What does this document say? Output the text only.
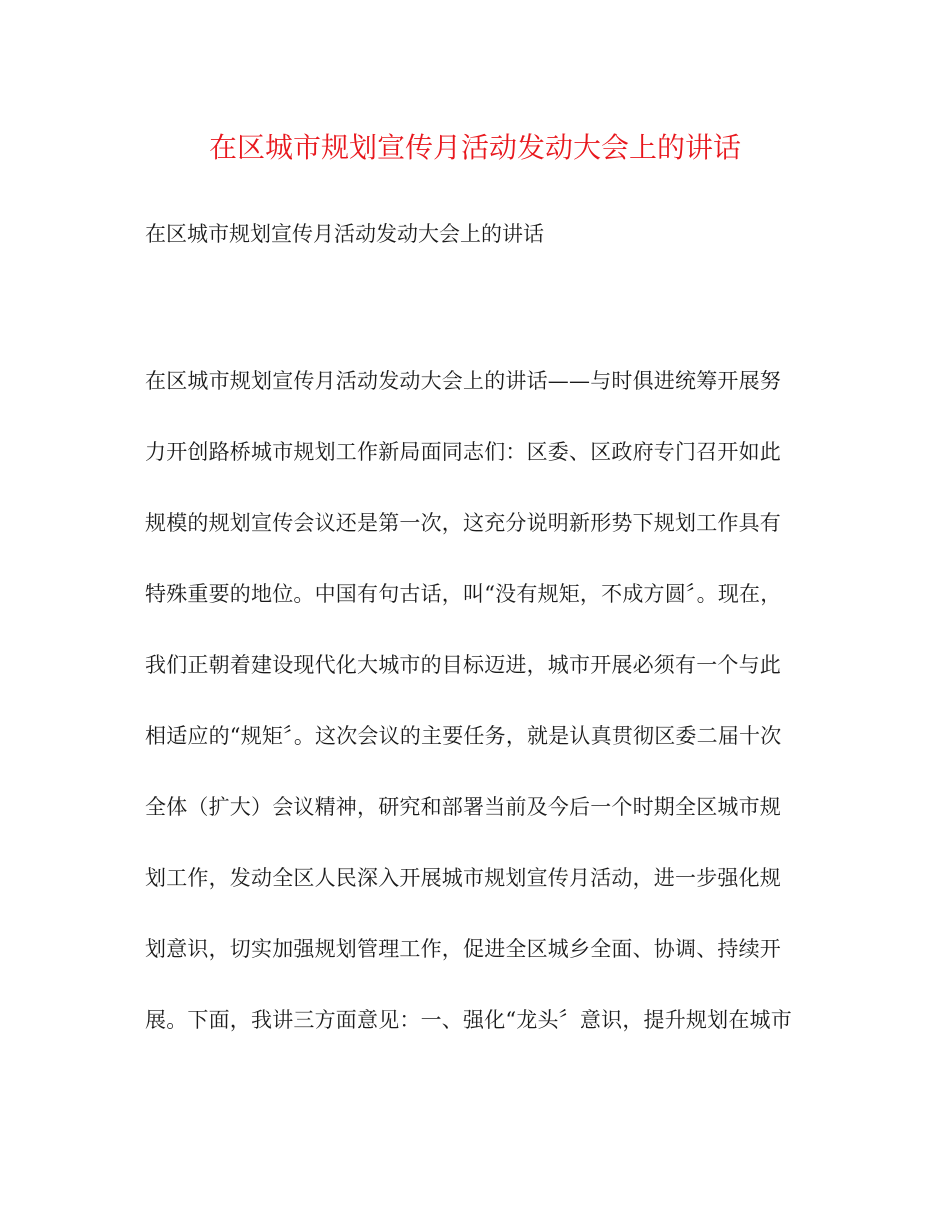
在区城市规划宣传月活动发动大会上的讲话
在区城市规划宣传月活动发动大会上的讲话
在区城市规划宣传月活动发动大会上的讲话——与时俱进统筹开展努
力开创路桥城市规划工作新局面同志们：区委、区政府专门召开如此
规模的规划宣传会议还是第一次，这充分说明新形势下规划工作具有
特殊重要的地位。中国有句古话，叫“没有规矩，不成方圆〞。现在，
我们正朝着建设现代化大城市的目标迈进，城市开展必须有一个与此
相适应的“规矩〞。这次会议的主要任务，就是认真贯彻区委二届十次
全体（扩大）会议精神，研究和部署当前及今后一个时期全区城市规
划工作，发动全区人民深入开展城市规划宣传月活动，进一步强化规
划意识，切实加强规划管理工作，促进全区城乡全面、协调、持续开
展。下面，我讲三方面意见：一、强化“龙头〞意识，提升规划在城市
